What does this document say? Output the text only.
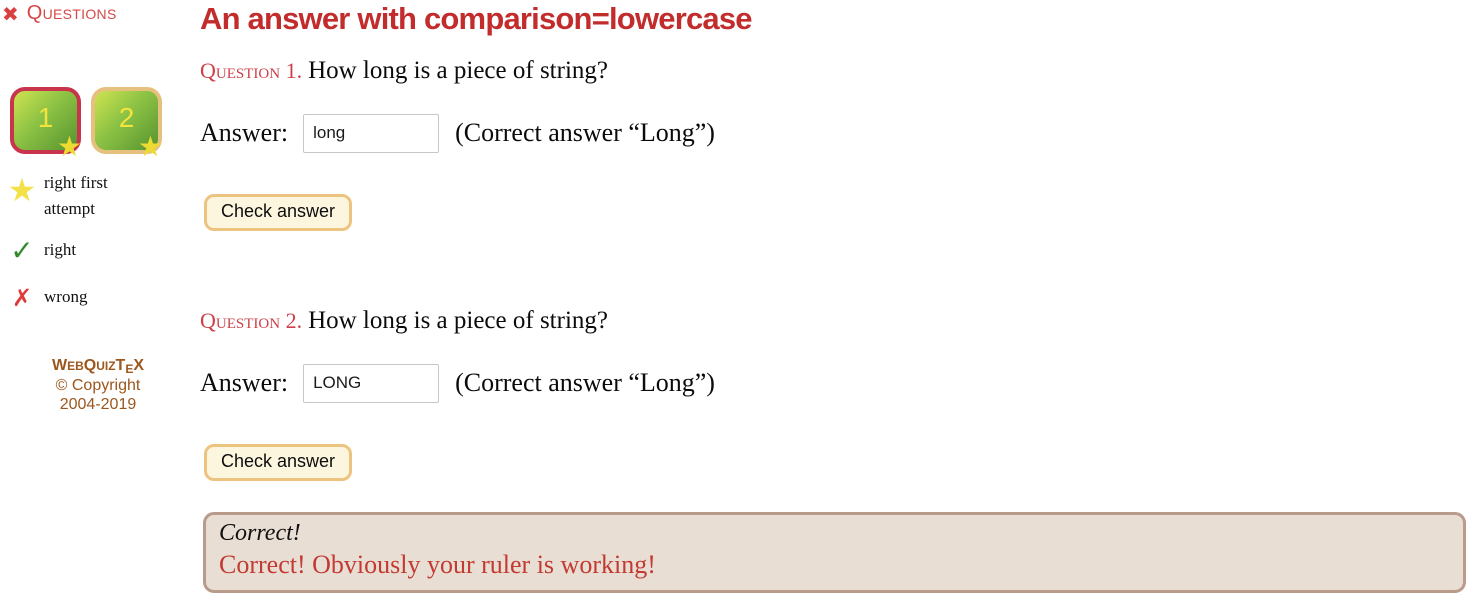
✖ Questions
1
★
2
★
★ right first attempt
✓ right
✗ wrong
WEBQUIZTEX
© Copyright
2004-2019
An answer with comparison=lowercase
Question 1. How long is a piece of string?
Answer:
long	(Correct answer “Long”)
Check answer
Question 2. How long is a piece of string?
Answer:
LONG	(Correct answer “Long”)
Check answer
Correct!
Correct! Obviously your ruler is working!
